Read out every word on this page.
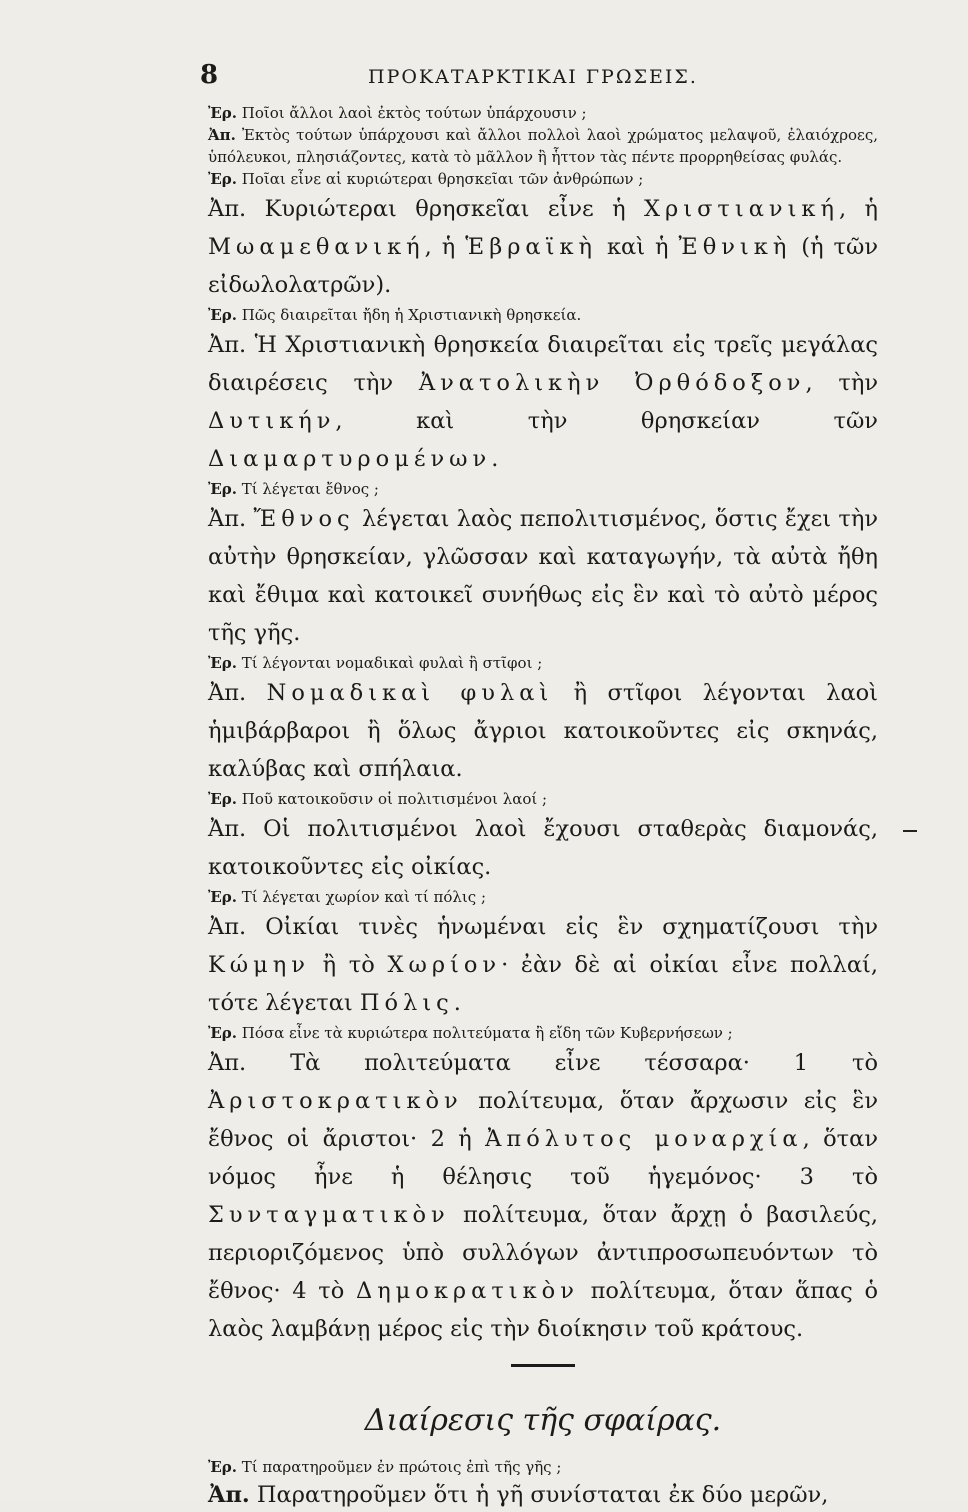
8	ΠΡΟΚΑΤΑΡΚΤΙΚΑΙ ΓΡΩΣΕΙΣ.

Ἐρ. Ποῖοι ἄλλοι λαοὶ ἐκτὸς τούτων ὑπάρχουσιν ;

Ἀπ. Ἐκτὸς τούτων ὑπάρχουσι καὶ ἄλλοι πολλοὶ λαοὶ χρώματος μελαψοῦ, ἐλαιόχροες, ὑπόλευκοι, πλησιάζοντες, κατὰ τὸ μᾶλλον ἢ ἧττον τὰς πέντε προρρηθείσας φυλάς.

Ἐρ. Ποῖαι εἶνε αἱ κυριώτεραι θρησκεῖαι τῶν ἀνθρώπων ;

Ἀπ. Κυριώτεραι θρησκεῖαι εἶνε ἡ Χριστιανική, ἡ Μωαμεθανική, ἡ Ἑβραϊκὴ καὶ ἡ Ἐθνικὴ (ἡ τῶν εἰδωλολατρῶν).

Ἐρ. Πῶς διαιρεῖται ἤδη ἡ Χριστιανικὴ θρησκεία.

Ἀπ. Ἡ Χριστιανικὴ θρησκεία διαιρεῖται εἰς τρεῖς μεγάλας διαιρέσεις τὴν Ἀνατολικὴν Ὀρθόδοξον, τὴν Δυτικήν, καὶ τὴν θρησκείαν τῶν Διαμαρτυρομένων.

Ἐρ. Τί λέγεται ἔθνος ;

Ἀπ. Ἔθνος λέγεται λαὸς πεπολιτισμένος, ὅστις ἔχει τὴν αὐτὴν θρησκείαν, γλῶσσαν καὶ καταγωγήν, τὰ αὐτὰ ἤθη καὶ ἔθιμα καὶ κατοικεῖ συνήθως εἰς ἓν καὶ τὸ αὐτὸ μέρος τῆς γῆς.

Ἐρ. Τί λέγονται νομαδικαὶ φυλαὶ ἢ στῖφοι ;

Ἀπ. Νομαδικαὶ φυλαὶ ἢ στῖφοι λέγονται λαοὶ ἡμιβάρβαροι ἢ ὅλως ἄγριοι κατοικοῦντες εἰς σκηνάς, καλύβας καὶ σπήλαια.

Ἐρ. Ποῦ κατοικοῦσιν οἱ πολιτισμένοι λαοί ;

Ἀπ. Οἱ πολιτισμένοι λαοὶ ἔχουσι σταθερὰς διαμονάς, κατοικοῦντες εἰς οἰκίας.

Ἐρ. Τί λέγεται χωρίον καὶ τί πόλις ;

Ἀπ. Οἰκίαι τινὲς ἡνωμέναι εἰς ἓν σχηματίζουσι τὴν Κώμην ἢ τὸ Χωρίον· ἐὰν δὲ αἱ οἰκίαι εἶνε πολλαί, τότε λέγεται Πόλις.

Ἐρ. Πόσα εἶνε τὰ κυριώτερα πολιτεύματα ἢ εἴδη τῶν Κυβερνήσεων ;

Ἀπ. Τὰ πολιτεύματα εἶνε τέσσαρα· 1 τὸ Ἀριστοκρατικὸν πολίτευμα, ὅταν ἄρχωσιν εἰς ἓν ἔθνος οἱ ἄριστοι· 2 ἡ Ἀπόλυτος μοναρχία, ὅταν νόμος ἦνε ἡ θέλησις τοῦ ἡγεμόνος· 3 τὸ Συνταγματικὸν πολίτευμα, ὅταν ἄρχῃ ὁ βασιλεύς, περιοριζόμενος ὑπὸ συλλόγων ἀντιπροσωπευόντων τὸ ἔθνος· 4 τὸ Δημοκρατικὸν πολίτευμα, ὅταν ἅπας ὁ λαὸς λαμβάνῃ μέρος εἰς τὴν διοίκησιν τοῦ κράτους.

Διαίρεσις τῆς σφαίρας.

Ἐρ. Τί παρατηροῦμεν ἐν πρώτοις ἐπὶ τῆς γῆς ;

Ἀπ. Παρατηροῦμεν ὅτι ἡ γῆ συνίσταται ἐκ δύο μερῶν,
